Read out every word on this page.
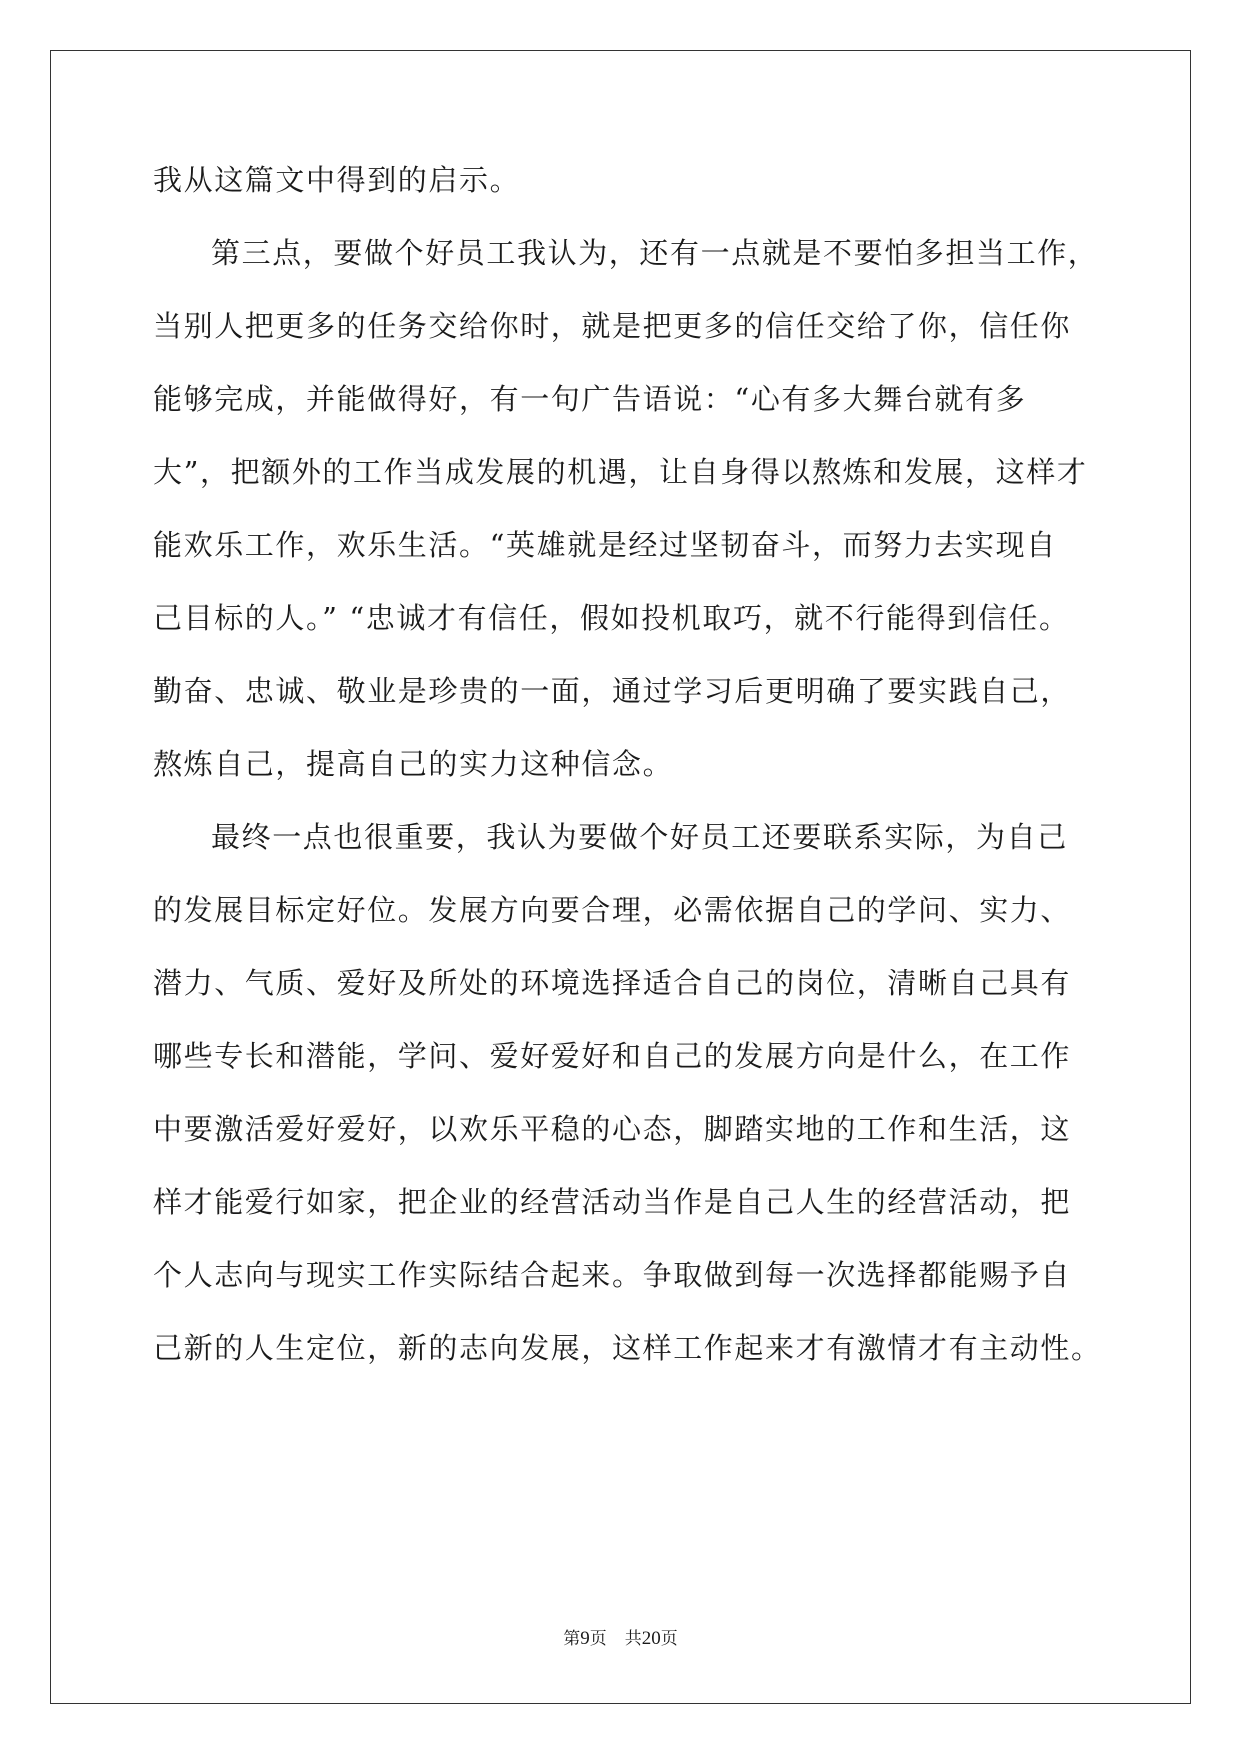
我从这篇文中得到的启示。
第三点，要做个好员工我认为，还有一点就是不要怕多担当工作，
当别人把更多的任务交给你时，就是把更多的信任交给了你，信任你
能够完成，并能做得好，有一句广告语说：“心有多大舞台就有多
大”，把额外的工作当成发展的机遇，让自身得以熬炼和发展，这样才
能欢乐工作，欢乐生活。“英雄就是经过坚韧奋斗，而努力去实现自
己目标的人。” “忠诚才有信任，假如投机取巧，就不行能得到信任。
勤奋、忠诚、敬业是珍贵的一面，通过学习后更明确了要实践自己，
熬炼自己，提高自己的实力这种信念。
最终一点也很重要，我认为要做个好员工还要联系实际，为自己
的发展目标定好位。发展方向要合理，必需依据自己的学问、实力、
潜力、气质、爱好及所处的环境选择适合自己的岗位，清晰自己具有
哪些专长和潜能，学问、爱好爱好和自己的发展方向是什么，在工作
中要激活爱好爱好，以欢乐平稳的心态，脚踏实地的工作和生活，这
样才能爱行如家，把企业的经营活动当作是自己人生的经营活动，把
个人志向与现实工作实际结合起来。争取做到每一次选择都能赐予自
己新的人生定位，新的志向发展，这样工作起来才有激情才有主动性。
第9页 共20页
